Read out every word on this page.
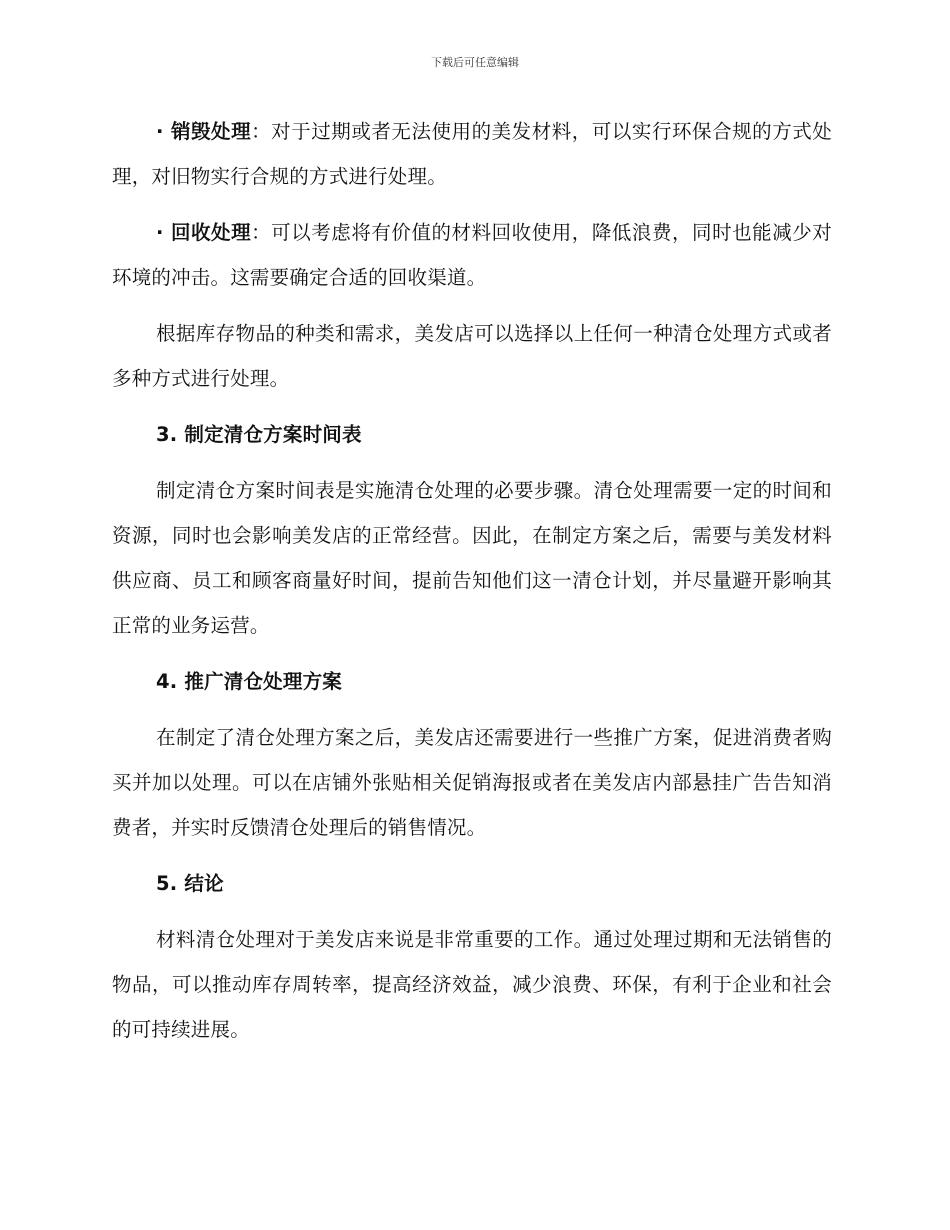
下载后可任意编辑

· 销毁处理：对于过期或者无法使用的美发材料，可以实行环保合规的方式处理，对旧物实行合规的方式进行处理。

· 回收处理：可以考虑将有价值的材料回收使用，降低浪费，同时也能减少对环境的冲击。这需要确定合适的回收渠道。

根据库存物品的种类和需求，美发店可以选择以上任何一种清仓处理方式或者多种方式进行处理。

3. 制定清仓方案时间表

制定清仓方案时间表是实施清仓处理的必要步骤。清仓处理需要一定的时间和资源，同时也会影响美发店的正常经营。因此，在制定方案之后，需要与美发材料供应商、员工和顾客商量好时间，提前告知他们这一清仓计划，并尽量避开影响其正常的业务运营。

4. 推广清仓处理方案

在制定了清仓处理方案之后，美发店还需要进行一些推广方案，促进消费者购买并加以处理。可以在店铺外张贴相关促销海报或者在美发店内部悬挂广告告知消费者，并实时反馈清仓处理后的销售情况。

5. 结论

材料清仓处理对于美发店来说是非常重要的工作。通过处理过期和无法销售的物品，可以推动库存周转率，提高经济效益，减少浪费、环保，有利于企业和社会的可持续进展。
